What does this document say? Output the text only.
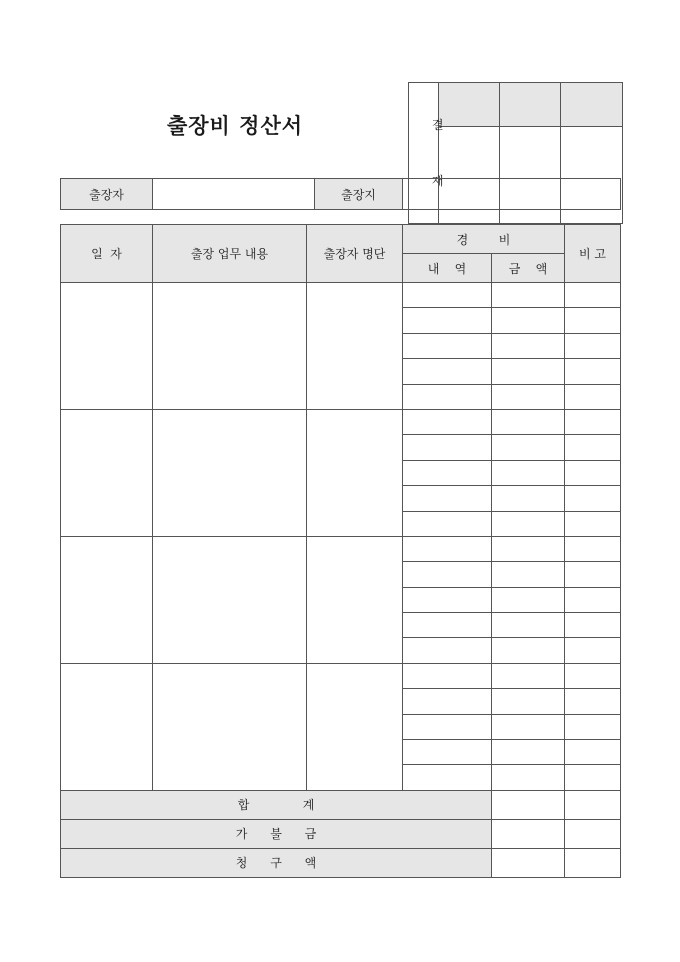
출장비 정산서	결

재

출장자		출장지	
일  자	출장 업무 내용	출장자 명단	경        비		비 고
			내    역	금    액	

합              계					
가      불      금					
청      구      액					
